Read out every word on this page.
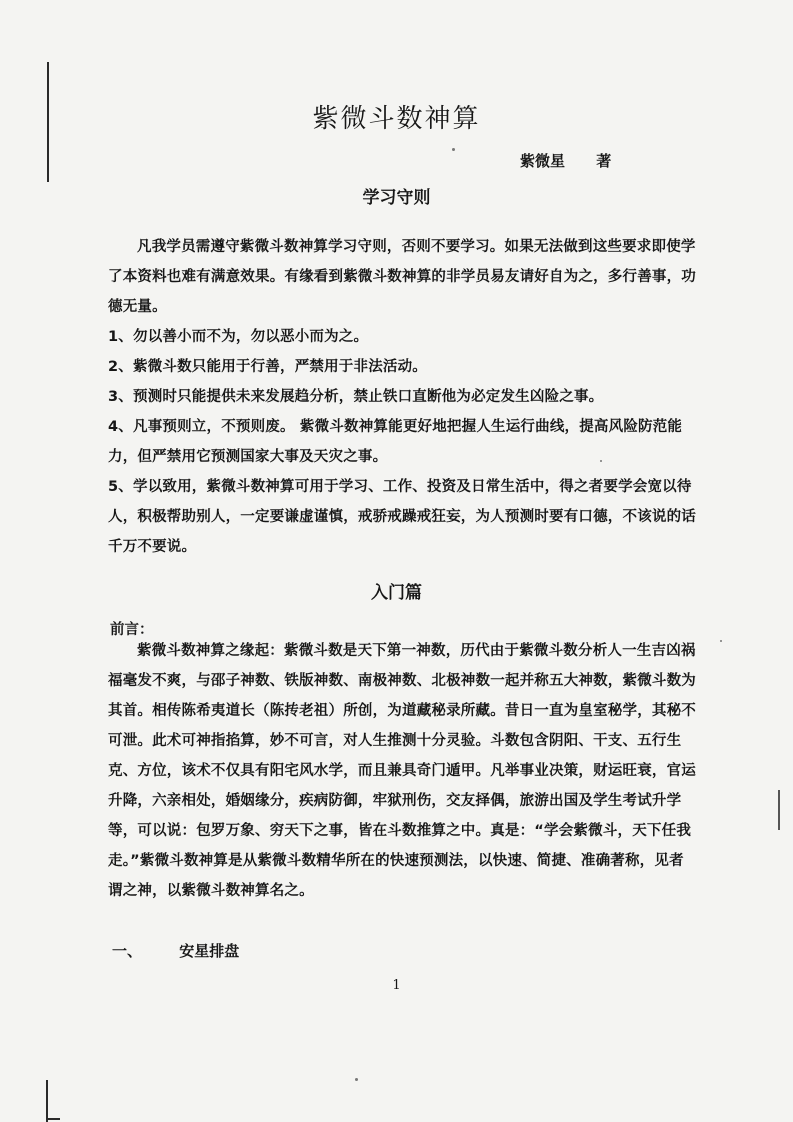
紫微斗数神算
紫微星 著
学习守则

凡我学员需遵守紫微斗数神算学习守则，否则不要学习。如果无法做到这些要求即使学了本资料也难有满意效果。有缘看到紫微斗数神算的非学员易友请好自为之，多行善事，功德无量。

1、勿以善小而不为，勿以恶小而为之。

2、紫微斗数只能用于行善，严禁用于非法活动。

3、预测时只能提供未来发展趋分析，禁止铁口直断他为必定发生凶险之事。

4、凡事预则立，不预则废。 紫微斗数神算能更好地把握人生运行曲线，提高风险防范能力，但严禁用它预测国家大事及天灾之事。

5、学以致用，紫微斗数神算可用于学习、工作、投资及日常生活中，得之者要学会宽以待人，积极帮助别人，一定要谦虚谨慎，戒骄戒躁戒狂妄，为人预测时要有口德，不该说的话千万不要说。

入门篇
前言：

紫微斗数神算之缘起：紫微斗数是天下第一神数，历代由于紫微斗数分析人一生吉凶祸福毫发不爽，与邵子神数、铁版神数、南极神数、北极神数一起并称五大神数，紫微斗数为其首。相传陈希夷道长（陈抟老祖）所创，为道藏秘录所藏。昔日一直为皇室秘学，其秘不可泄。此术可神指掐算，妙不可言，对人生推测十分灵验。斗数包含阴阳、干支、五行生克、方位，该术不仅具有阳宅风水学，而且兼具奇门遁甲。凡举事业决策，财运旺衰，官运升降，六亲相处，婚姻缘分，疾病防御，牢狱刑伤，交友择偶，旅游出国及学生考试升学等，可以说：包罗万象、穷天下之事，皆在斗数推算之中。真是：“学会紫微斗，天下任我走。”紫微斗数神算是从紫微斗数精华所在的快速预测法，以快速、简捷、准确著称，见者谓之神，以紫微斗数神算名之。

一、 安星排盘
1
